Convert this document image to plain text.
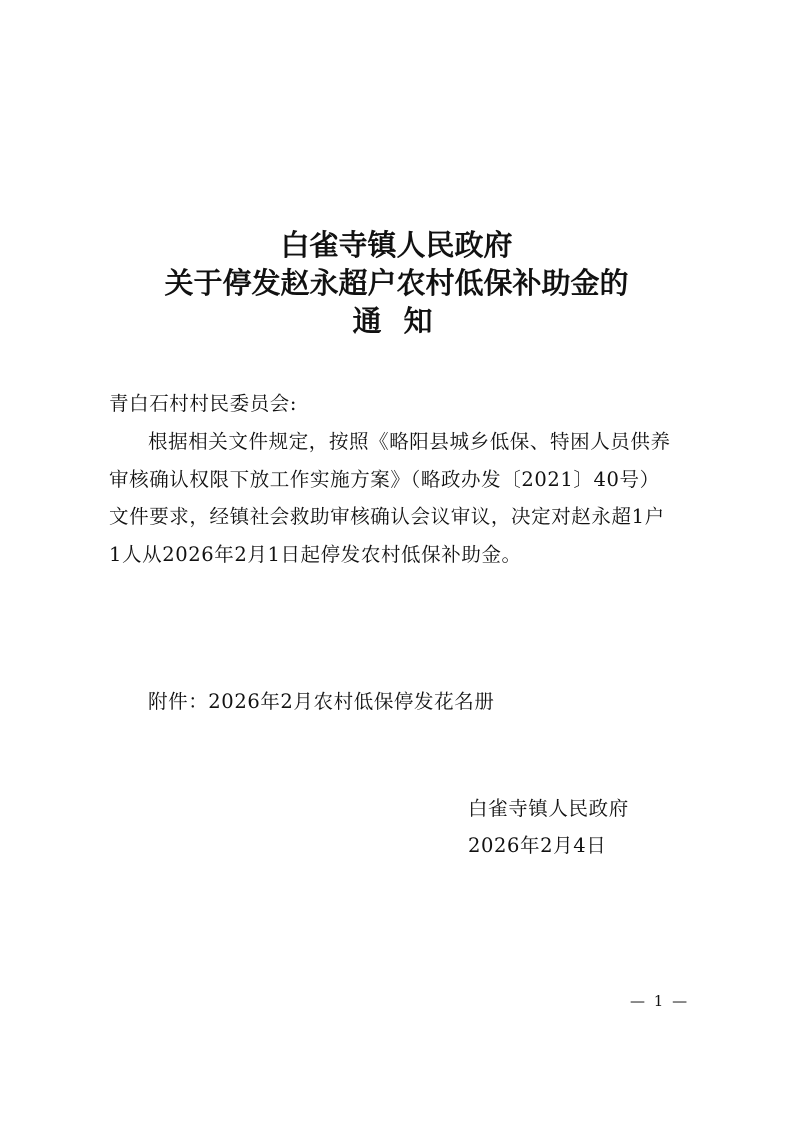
白雀寺镇人民政府
关于停发赵永超户农村低保补助金的
通知
青白石村村民委员会:
根据相关文件规定，按照《略阳县城乡低保、特困人员供养
审核确认权限下放工作实施方案》（略政办发〔2021〕40号）
文件要求，经镇社会救助审核确认会议审议，决定对赵永超1户
1人从2026年2月1日起停发农村低保补助金。
附件：2026年2月农村低保停发花名册
白雀寺镇人民政府
2026年2月4日
— 1 —
